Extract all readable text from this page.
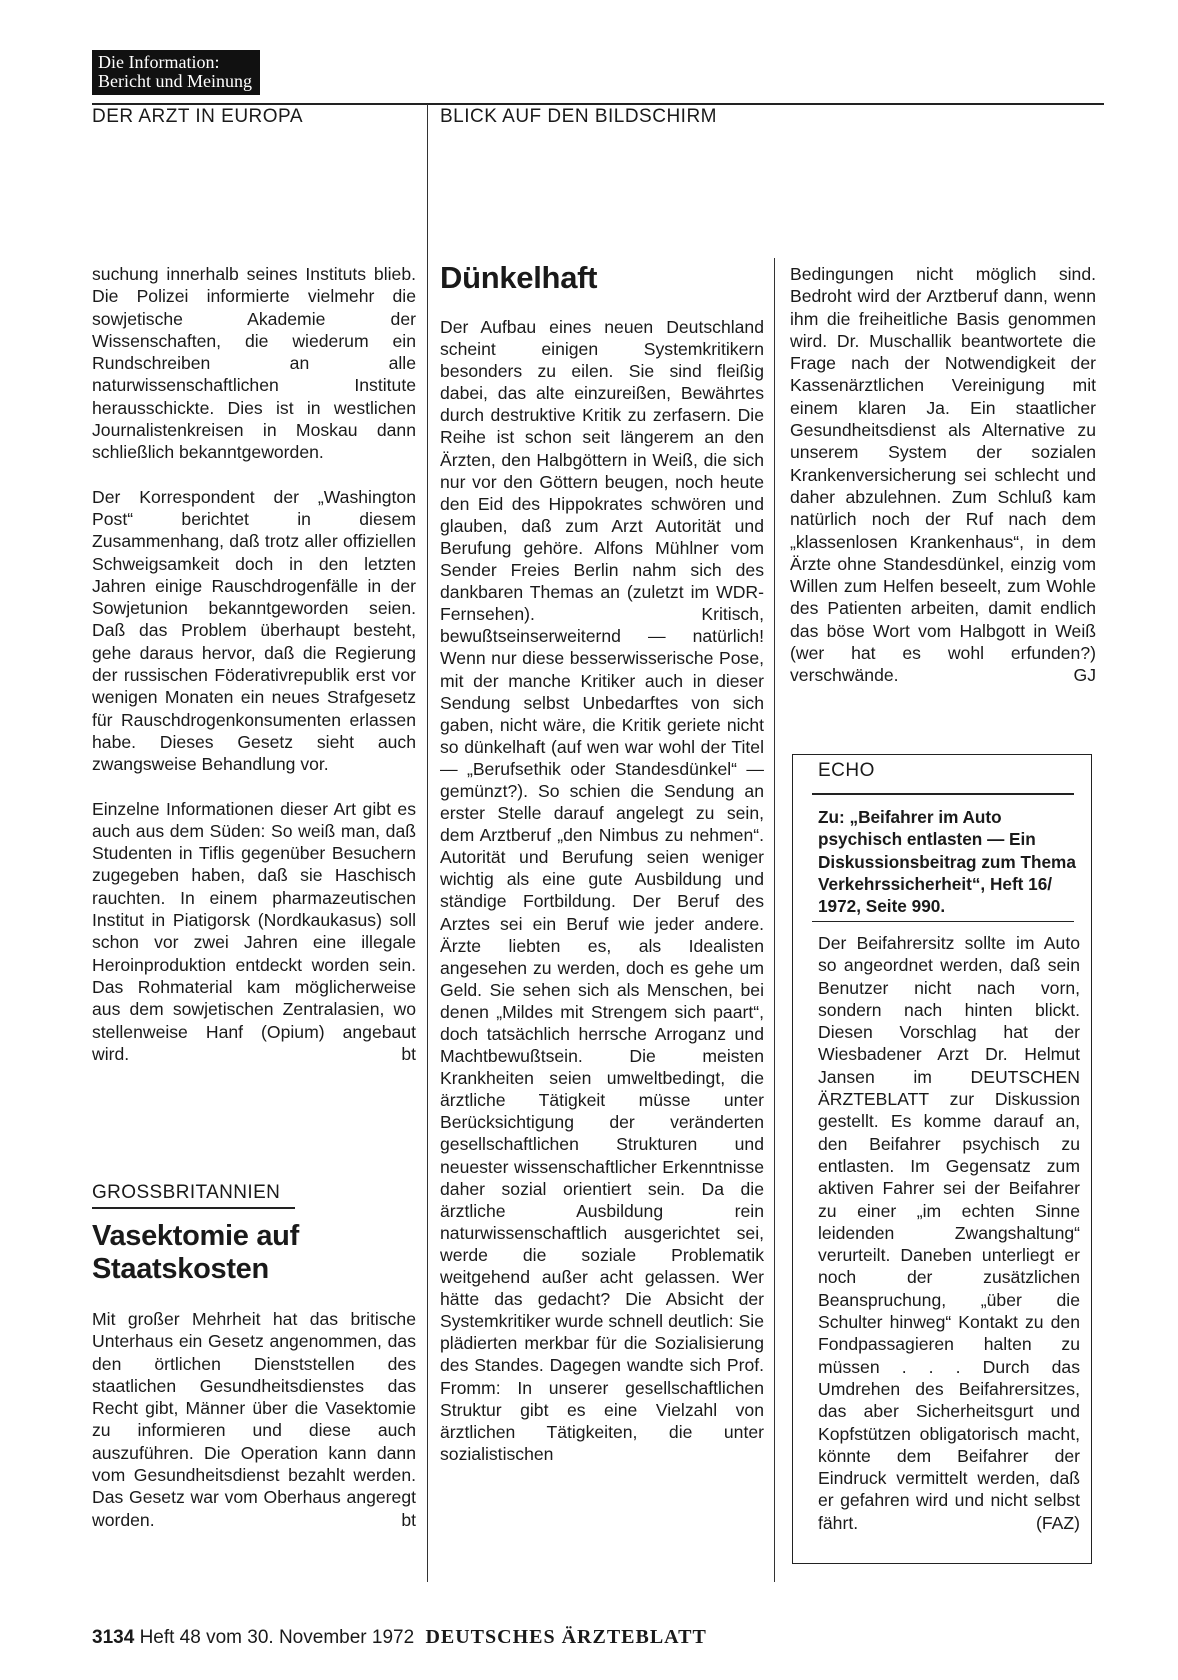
Die Information:
Bericht und Meinung
DER ARZT IN EUROPA	BLICK AUF DEN BILDSCHIRM

suchung innerhalb seines Instituts blieb. Die Polizei informierte vielmehr die sowjetische Akademie der Wissenschaften, die wiederum ein Rundschreiben an alle naturwissenschaftlichen Institute herausschickte. Dies ist in westlichen Journalistenkreisen in Moskau dann schließlich bekanntgeworden.

Der Korrespondent der „Washington Post“ berichtet in diesem Zusammenhang, daß trotz aller offiziellen Schweigsamkeit doch in den letzten Jahren einige Rauschdrogenfälle in der Sowjetunion bekanntgeworden seien. Daß das Problem überhaupt besteht, gehe daraus hervor, daß die Regierung der russischen Föderativrepublik erst vor wenigen Monaten ein neues Strafgesetz für Rauschdrogenkonsumenten erlassen habe. Dieses Gesetz sieht auch zwangsweise Behandlung vor.

Einzelne Informationen dieser Art gibt es auch aus dem Süden: So weiß man, daß Studenten in Tiflis gegenüber Besuchern zugegeben haben, daß sie Haschisch rauchten. In einem pharmazeutischen Institut in Piatigorsk (Nordkaukasus) soll schon vor zwei Jahren eine illegale Heroinproduktion entdeckt worden sein. Das Rohmaterial kam möglicherweise aus dem sowjetischen Zentralasien, wo stellenweise Hanf (Opium) angebaut wird.	bt

GROSSBRITANNIEN
Vasektomie auf Staatskosten

Mit großer Mehrheit hat das britische Unterhaus ein Gesetz angenommen, das den örtlichen Dienststellen des staatlichen Gesundheitsdienstes das Recht gibt, Männer über die Vasektomie zu informieren und diese auch auszuführen. Die Operation kann dann vom Gesundheitsdienst bezahlt werden. Das Gesetz war vom Oberhaus angeregt worden.	bt

Dünkelhaft

Der Aufbau eines neuen Deutschland scheint einigen Systemkritikern besonders zu eilen. Sie sind fleißig dabei, das alte einzureißen, Bewährtes durch destruktive Kritik zu zerfasern. Die Reihe ist schon seit längerem an den Ärzten, den Halbgöttern in Weiß, die sich nur vor den Göttern beugen, noch heute den Eid des Hippokrates schwören und glauben, daß zum Arzt Autorität und Berufung gehöre. Alfons Mühlner vom Sender Freies Berlin nahm sich des dankbaren Themas an (zuletzt im WDR-Fernsehen). Kritisch, bewußtseinserweiternd — natürlich! Wenn nur diese besserwisserische Pose, mit der manche Kritiker auch in dieser Sendung selbst Unbedarftes von sich gaben, nicht wäre, die Kritik geriete nicht so dünkelhaft (auf wen war wohl der Titel — „Berufsethik oder Standesdünkel“ — gemünzt?). So schien die Sendung an erster Stelle darauf angelegt zu sein, dem Arztberuf „den Nimbus zu nehmen“. Autorität und Berufung seien weniger wichtig als eine gute Ausbildung und ständige Fortbildung. Der Beruf des Arztes sei ein Beruf wie jeder andere. Ärzte liebten es, als Idealisten angesehen zu werden, doch es gehe um Geld. Sie sehen sich als Menschen, bei denen „Mildes mit Strengem sich paart“, doch tatsächlich herrsche Arroganz und Machtbewußtsein. Die meisten Krankheiten seien umweltbedingt, die ärztliche Tätigkeit müsse unter Berücksichtigung der veränderten gesellschaftlichen Strukturen und neuester wissenschaftlicher Erkenntnisse daher sozial orientiert sein. Da die ärztliche Ausbildung rein naturwissenschaftlich ausgerichtet sei, werde die soziale Problematik weitgehend außer acht gelassen. Wer hätte das gedacht? Die Absicht der Systemkritiker wurde schnell deutlich: Sie plädierten merkbar für die Sozialisierung des Standes. Dagegen wandte sich Prof. Fromm: In unserer gesellschaftlichen Struktur gibt es eine Vielzahl von ärztlichen Tätigkeiten, die unter sozialistischen

Bedingungen nicht möglich sind. Bedroht wird der Arztberuf dann, wenn ihm die freiheitliche Basis genommen wird. Dr. Muschallik beantwortete die Frage nach der Notwendigkeit der Kassenärztlichen Vereinigung mit einem klaren Ja. Ein staatlicher Gesundheitsdienst als Alternative zu unserem System der sozialen Krankenversicherung sei schlecht und daher abzulehnen. Zum Schluß kam natürlich noch der Ruf nach dem „klassenlosen Krankenhaus“, in dem Ärzte ohne Standesdünkel, einzig vom Willen zum Helfen beseelt, zum Wohle des Patienten arbeiten, damit endlich das böse Wort vom Halbgott in Weiß (wer hat es wohl erfunden?) verschwände.	GJ

ECHO

Zu: „Beifahrer im Auto psychisch entlasten — Ein Diskussionsbeitrag zum Thema Verkehrssicherheit“, Heft 16/ 1972, Seite 990.

Der Beifahrersitz sollte im Auto so angeordnet werden, daß sein Benutzer nicht nach vorn, sondern nach hinten blickt. Diesen Vorschlag hat der Wiesbadener Arzt Dr. Helmut Jansen im DEUTSCHEN ÄRZTEBLATT zur Diskussion gestellt. Es komme darauf an, den Beifahrer psychisch zu entlasten. Im Gegensatz zum aktiven Fahrer sei der Beifahrer zu einer „im echten Sinne leidenden Zwangshaltung“ verurteilt. Daneben unterliegt er noch der zusätzlichen Beanspruchung, „über die Schulter hinweg“ Kontakt zu den Fondpassagieren halten zu müssen . . . Durch das Umdrehen des Beifahrersitzes, das aber Sicherheitsgurt und Kopfstützen obligatorisch macht, könnte dem Beifahrer der Eindruck vermittelt werden, daß er gefahren wird und nicht selbst fährt.	(FAZ)

3134 Heft 48 vom 30. November 1972 DEUTSCHES ÄRZTEBLATT
